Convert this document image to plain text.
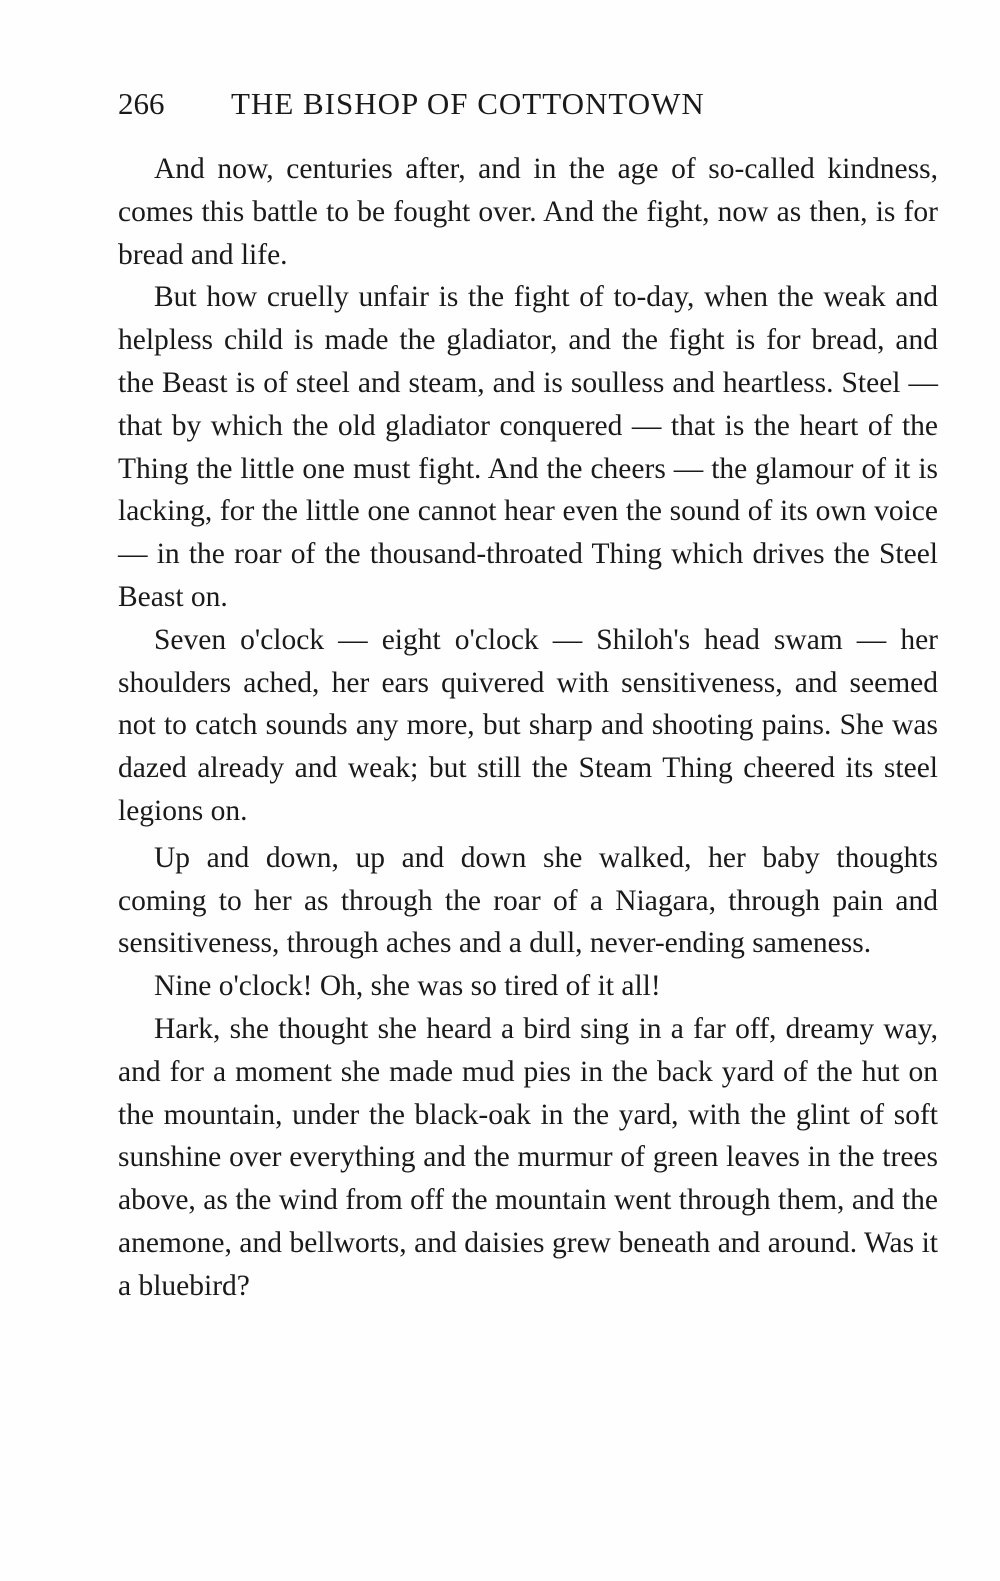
266 THE BISHOP OF COTTONTOWN

And now, centuries after, and in the age of so-called kindness, comes this battle to be fought over. And the fight, now as then, is for bread and life.

But how cruelly unfair is the fight of to-day, when the weak and helpless child is made the gladiator, and the fight is for bread, and the Beast is of steel and steam, and is soulless and heartless. Steel — that by which the old gladiator conquered — that is the heart of the Thing the little one must fight. And the cheers — the glamour of it is lacking, for the little one cannot hear even the sound of its own voice — in the roar of the thousand-throated Thing which drives the Steel Beast on.

Seven o'clock — eight o'clock — Shiloh's head swam — her shoulders ached, her ears quivered with sensitiveness, and seemed not to catch sounds any more, but sharp and shooting pains. She was dazed already and weak; but still the Steam Thing cheered its steel legions on.

Up and down, up and down she walked, her baby thoughts coming to her as through the roar of a Niagara, through pain and sensitiveness, through aches and a dull, never-ending sameness.

Nine o'clock! Oh, she was so tired of it all!

Hark, she thought she heard a bird sing in a far off, dreamy way, and for a moment she made mud pies in the back yard of the hut on the mountain, under the black-oak in the yard, with the glint of soft sunshine over everything and the murmur of green leaves in the trees above, as the wind from off the mountain went through them, and the anemone, and bellworts, and daisies grew beneath and around. Was it a bluebird?
